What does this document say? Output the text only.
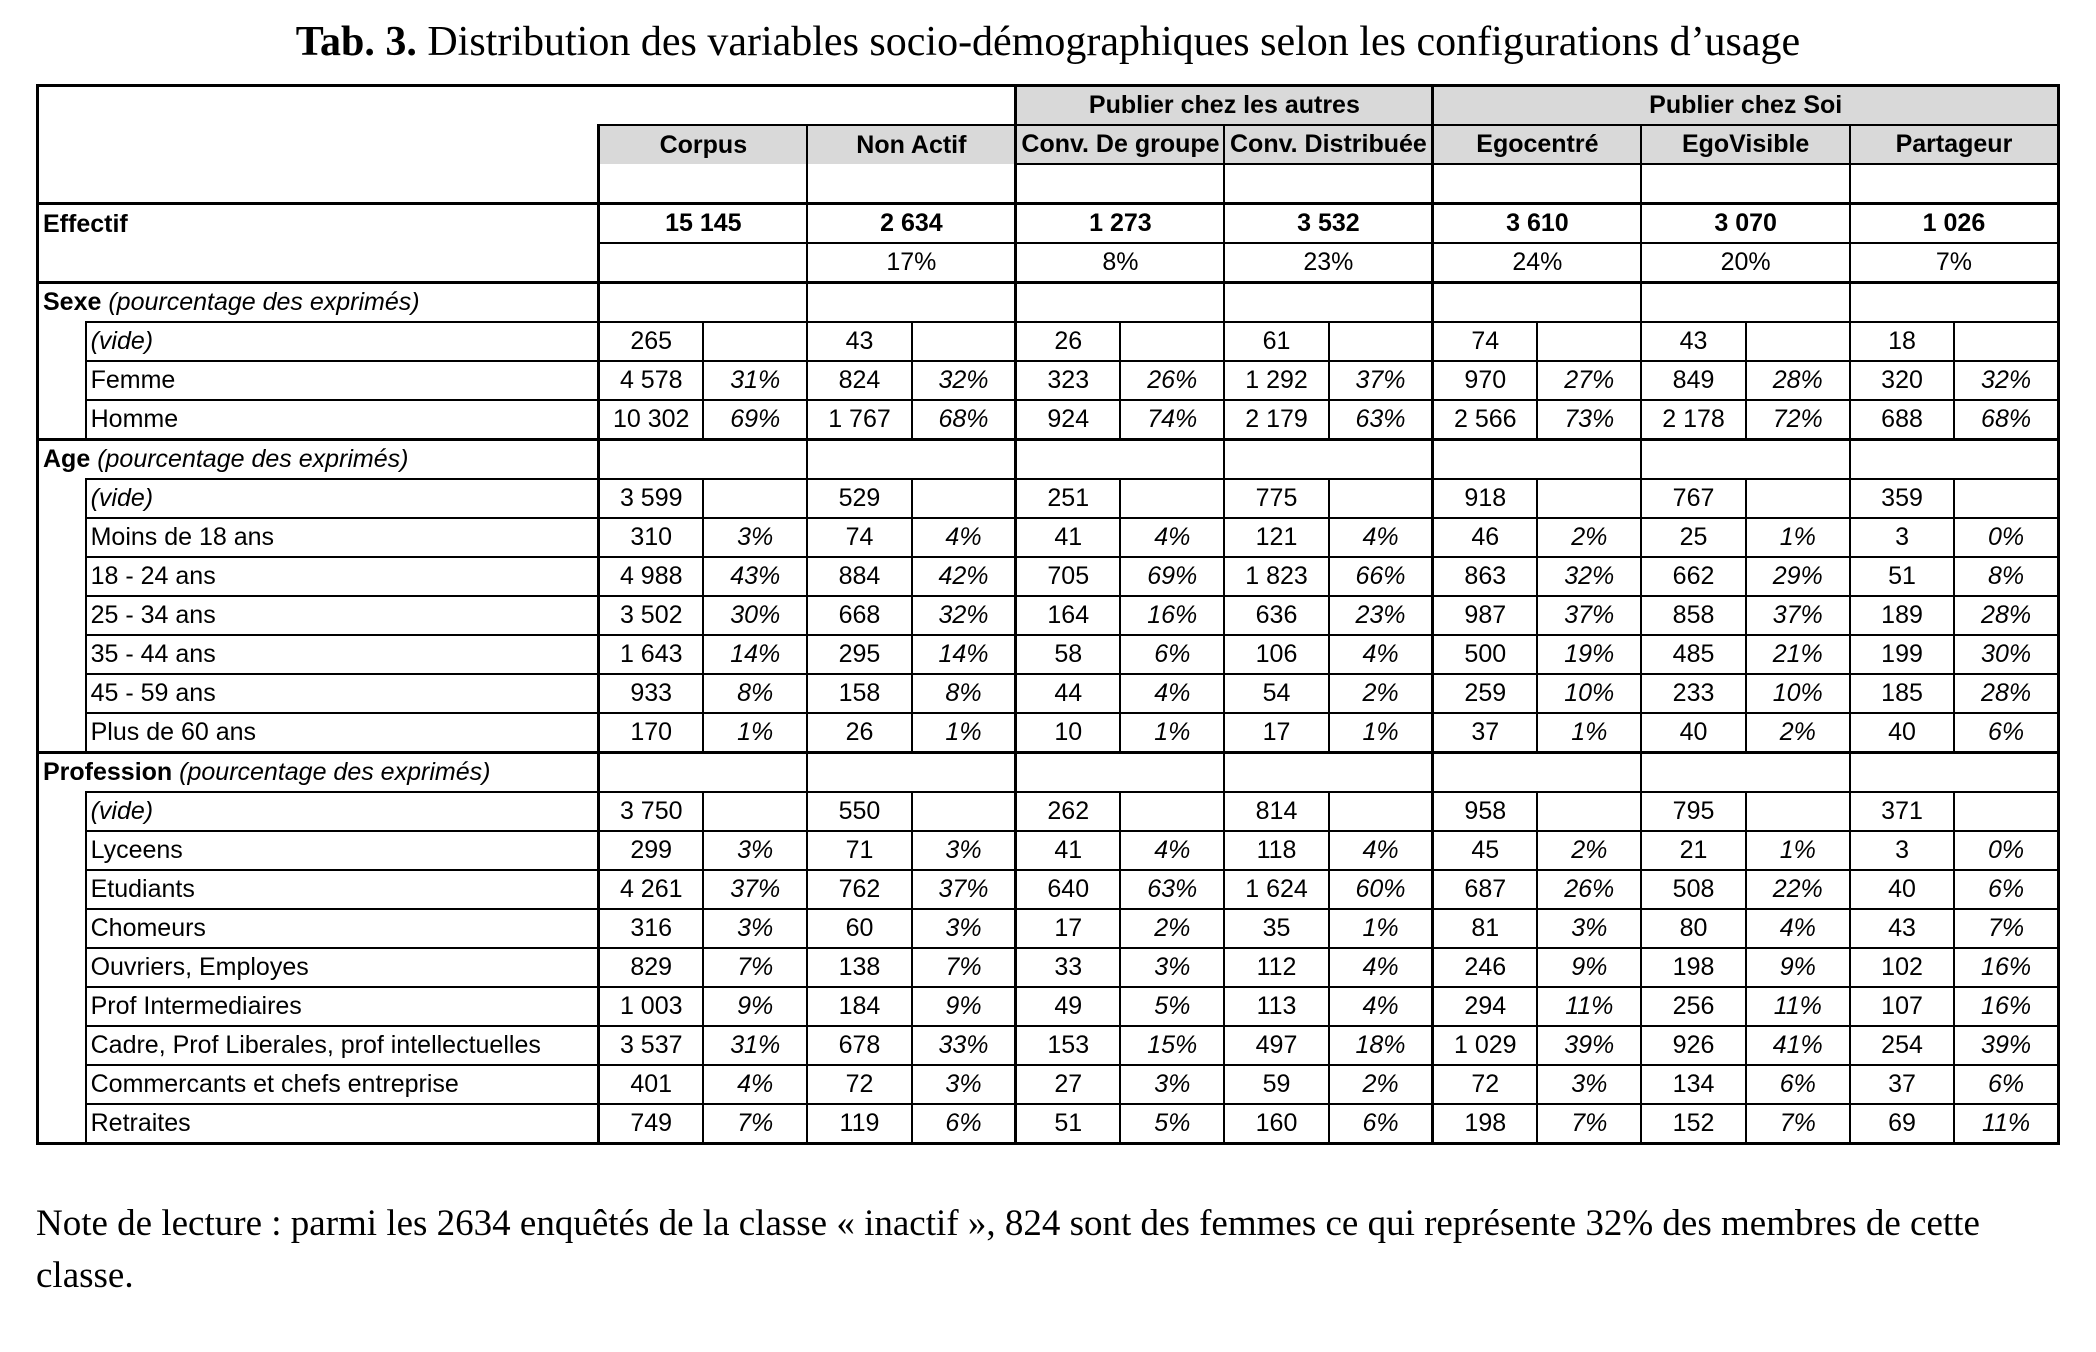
Tab. 3. Distribution des variables socio-démographiques selon les configurations d’usage
						Publier chez les autres				Publier chez Soi					
		Corpus		Non Actif		Conv. De groupe		Conv. Distribuée		Egocentré		EgoVisible		Partageur	

Effectif		15 145		2 634		1 273		3 532		3 610		3 070		1 026	
				17%		8%		23%		24%		20%		7%	
Sexe (pourcentage des exprimés)															
	(vide)	265		43		26		61		74		43		18	
	Femme	4 578	31%	824	32%	323	26%	1 292	37%	970	27%	849	28%	320	32%
	Homme	10 302	69%	1 767	68%	924	74%	2 179	63%	2 566	73%	2 178	72%	688	68%
Age (pourcentage des exprimés)															
	(vide)	3 599		529		251		775		918		767		359	
	Moins de 18 ans	310	3%	74	4%	41	4%	121	4%	46	2%	25	1%	3	0%
	18 - 24 ans	4 988	43%	884	42%	705	69%	1 823	66%	863	32%	662	29%	51	8%
	25 - 34 ans	3 502	30%	668	32%	164	16%	636	23%	987	37%	858	37%	189	28%
	35 - 44 ans	1 643	14%	295	14%	58	6%	106	4%	500	19%	485	21%	199	30%
	45 - 59 ans	933	8%	158	8%	44	4%	54	2%	259	10%	233	10%	185	28%
	Plus de 60 ans	170	1%	26	1%	10	1%	17	1%	37	1%	40	2%	40	6%
Profession (pourcentage des exprimés)															
	(vide)	3 750		550		262		814		958		795		371	
	Lyceens	299	3%	71	3%	41	4%	118	4%	45	2%	21	1%	3	0%
	Etudiants	4 261	37%	762	37%	640	63%	1 624	60%	687	26%	508	22%	40	6%
	Chomeurs	316	3%	60	3%	17	2%	35	1%	81	3%	80	4%	43	7%
	Ouvriers, Employes	829	7%	138	7%	33	3%	112	4%	246	9%	198	9%	102	16%
	Prof Intermediaires	1 003	9%	184	9%	49	5%	113	4%	294	11%	256	11%	107	16%
	Cadre, Prof Liberales, prof intellectuelles	3 537	31%	678	33%	153	15%	497	18%	1 029	39%	926	41%	254	39%
	Commercants et chefs entreprise	401	4%	72	3%	27	3%	59	2%	72	3%	134	6%	37	6%
	Retraites	749	7%	119	6%	51	5%	160	6%	198	7%	152	7%	69	11%
Note de lecture : parmi les 2634 enquêtés de la classe « inactif », 824 sont des femmes ce qui représente 32% des membres de cette classe.
